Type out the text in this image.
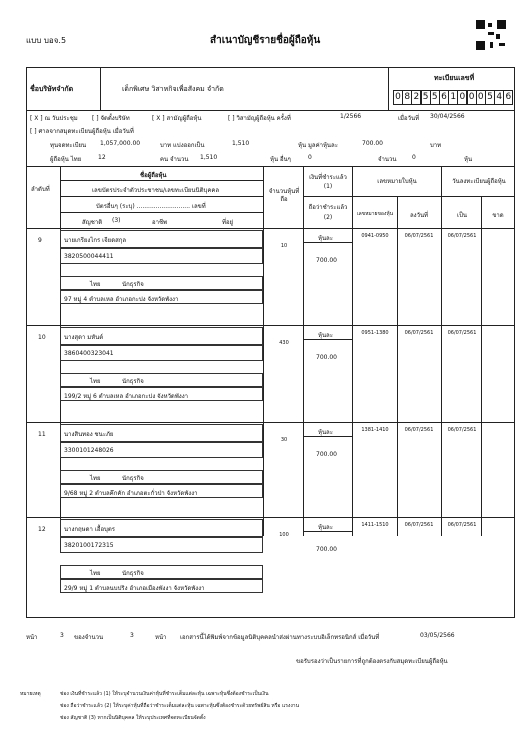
แบบ บอจ.5	สำเนาบัญชีรายชื่อผู้ถือหุ้น
ชื่อบริษัทจำกัด	เด็กพิเศษ วิสาหกิจเพื่อสังคม จำกัด
ทะเบียนเลขที่
0 8 2 5 5 6 1 0 0 0 5 4 6
[ X ] ณ วันประชุม [ ] จัดตั้งบริษัท	[ X ] สามัญผู้ถือหุ้น	[ ] วิสามัญผู้ถือหุ้น ครั้งที่	1/2566	เมื่อวันที่ 30/04/2566
[ ] ศาลจากสมุดทะเบียนผู้ถือหุ้น เมื่อวันที่
ทุนจดทะเบียน 1,057,000.00	บาท แบ่งออกเป็น	1,510	หุ้น มูลค่าหุ้นละ	700.00	บาท
ผู้ถือหุ้น ไทย	12	คน จำนวน 1,510	หุ้น อื่นๆ	0	จำนวน	0	หุ้น
ลำดับที่
ชื่อผู้ถือหุ้น
เลขบัตรประจำตัวประชาชน/เลขทะเบียนนิติบุคคล
บัตรอื่นๆ (ระบุ) ............................ เลขที่
สัญชาติ (3)	อาชีพ	ที่อยู่
จำนวนหุ้นที่ถือ
เงินที่ชำระแล้ว
(1)
ถือว่าชำระแล้ว
(2)
เลขหมายใบหุ้น
เลขหมายของหุ้น	ลงวันที่
วันลงทะเบียนผู้ถือหุ้น
เป็น	ขาด
9	นายเกรียงไกร เจียดสกุล
3820500044411
ไทย	นักธุรกิจ
97 หมู่ 4 ตำบลเหล อำเภอกะปง จังหวัดพังงา
10
หุ้นละ
700.00
0941-0950	06/07/2561	06/07/2561
10	นางสุดา มหันต์
3860400323041
ไทย	นักธุรกิจ
199/2 หมู่ 6 ตำบลเหล อำเภอกะปง จังหวัดพังงา
430
หุ้นละ
700.00
0951-1380	06/07/2561	06/07/2561
11	นางสินทอง ชนะภัย
3300101248026
ไทย	นักธุรกิจ
9/68 หมู่ 2 ตำบลคึกคัก อำเภอตะกั่วป่า จังหวัดพังงา
30
หุ้นละ
700.00
1381-1410	06/07/2561	06/07/2561
12	นางกฤษดา เอื้อบุตร
3820100172315
ไทย	นักธุรกิจ
29/9 หมู่ 1 ตำบลนบปริง อำเภอเมืองพังงา จังหวัดพังงา
100
หุ้นละ
700.00
1411-1510	06/07/2561	06/07/2561
หน้า	3 ของจำนวน	3	หน้า เอกสารนี้ได้พิมพ์จากข้อมูลนิติบุคคลนำส่งผ่านทางระบบอิเล็กทรอนิกส์ เมื่อวันที่	03/05/2566
ขอรับรองว่าเป็นรายการที่ถูกต้องตรงกับสมุดทะเบียนผู้ถือหุ้น
หมายเหตุ	ช่อง เงินที่ชำระแล้ว (1) ให้ระบุจำนวนเงินค่าหุ้นที่ชำระเต็มแต่ละหุ้น เฉพาะหุ้นซึ่งต้องชำระเป็นเงิน
ช่อง ถือว่าชำระแล้ว (2) ให้ระบุค่าหุ้นที่ถือว่าชำระเต็มแต่ละหุ้น เฉพาะหุ้นซึ่งต้องชำระด้วยทรัพย์สิน หรือ แรงงาน
ช่อง สัญชาติ (3) หากเป็นนิติบุคคล ให้ระบุประเทศที่จดทะเบียนจัดตั้ง
